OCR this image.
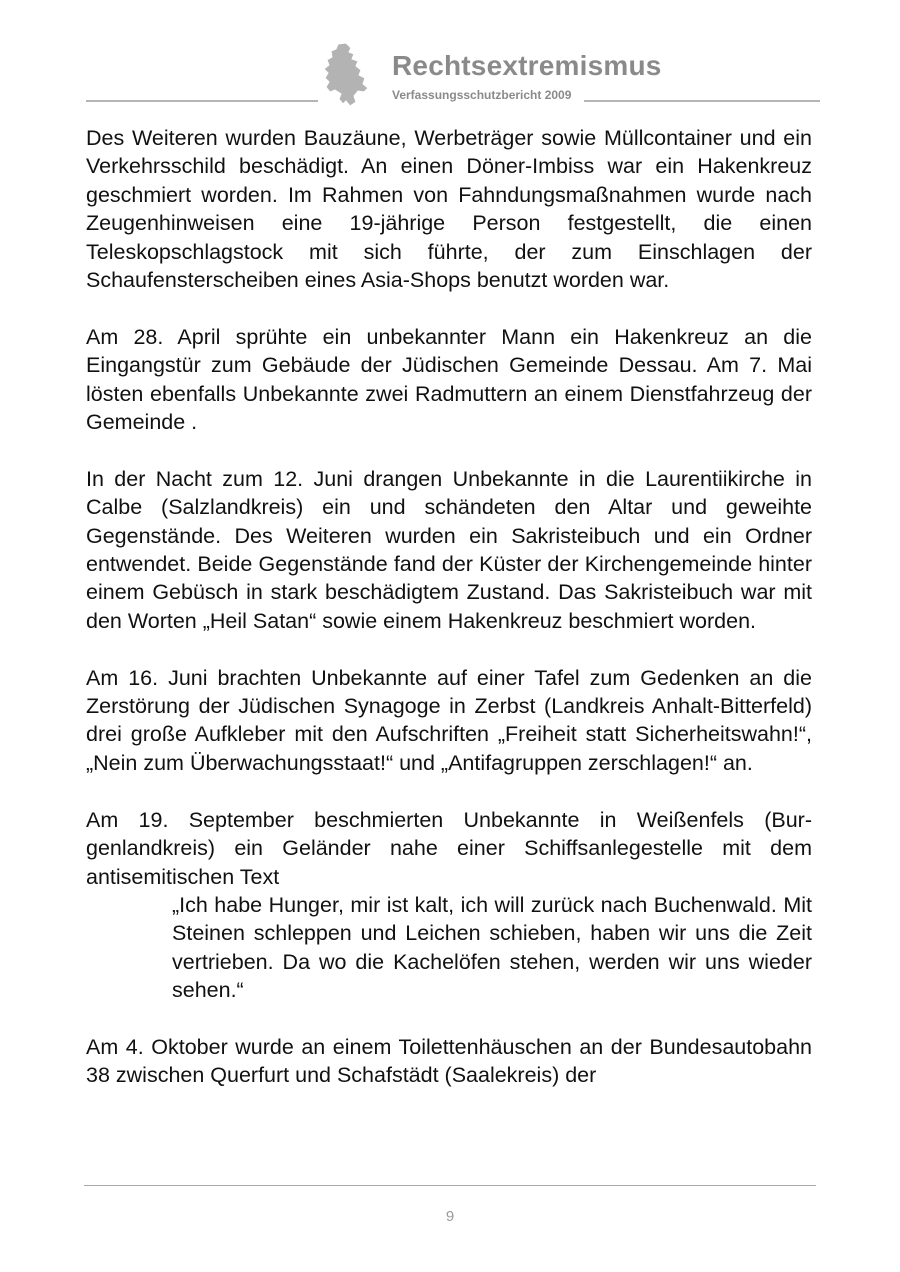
Rechtsextremismus
Verfassungsschutzbericht 2009

Des Weiteren wurden Bauzäune, Werbeträger sowie Müllcontainer und ein Verkehrsschild beschädigt. An einen Döner-Imbiss war ein Hakenkreuz geschmiert worden. Im Rahmen von Fahndungsmaßnahmen wurde nach Zeugenhinweisen eine 19-jährige Person festgestellt, die einen Teleskopschlagstock mit sich führte, der zum Einschlagen der Schaufensterscheiben eines Asia-Shops benutzt worden war.

Am 28. April sprühte ein unbekannter Mann ein Hakenkreuz an die Eingangstür zum Gebäude der Jüdischen Gemeinde Dessau. Am 7. Mai lösten ebenfalls Unbekannte zwei Radmuttern an einem Dienstfahrzeug der Gemeinde .

In der Nacht zum 12. Juni drangen Unbekannte in die Laurentiikirche in Calbe (Salzlandkreis) ein und schändeten den Altar und geweihte Gegenstände. Des Weiteren wurden ein Sakristeibuch und ein Ordner entwendet. Beide Gegenstände fand der Küster der Kirchengemeinde hinter einem Gebüsch in stark beschädigtem Zustand. Das Sakristeibuch war mit den Worten „Heil Satan“ sowie einem Hakenkreuz beschmiert worden.

Am 16. Juni brachten Unbekannte auf einer Tafel zum Gedenken an die Zerstörung der Jüdischen Synagoge in Zerbst (Landkreis Anhalt-Bitterfeld) drei große Aufkleber mit den Aufschriften „Freiheit statt Sicherheitswahn!“, „Nein zum Überwachungsstaat!“ und „Antifagruppen zerschlagen!“ an.

Am 19. September beschmierten Unbekannte in Weißenfels (Burgenlandkreis) ein Geländer nahe einer Schiffsanlegestelle mit dem antisemitischen Text

„Ich habe Hunger, mir ist kalt, ich will zurück nach Buchenwald. Mit Steinen schleppen und Leichen schieben, haben wir uns die Zeit vertrieben. Da wo die Kachelöfen stehen, werden wir uns wieder sehen.“

Am 4. Oktober wurde an einem Toilettenhäuschen an der Bundesautobahn 38 zwischen Querfurt und Schafstädt (Saalekreis) der

9
